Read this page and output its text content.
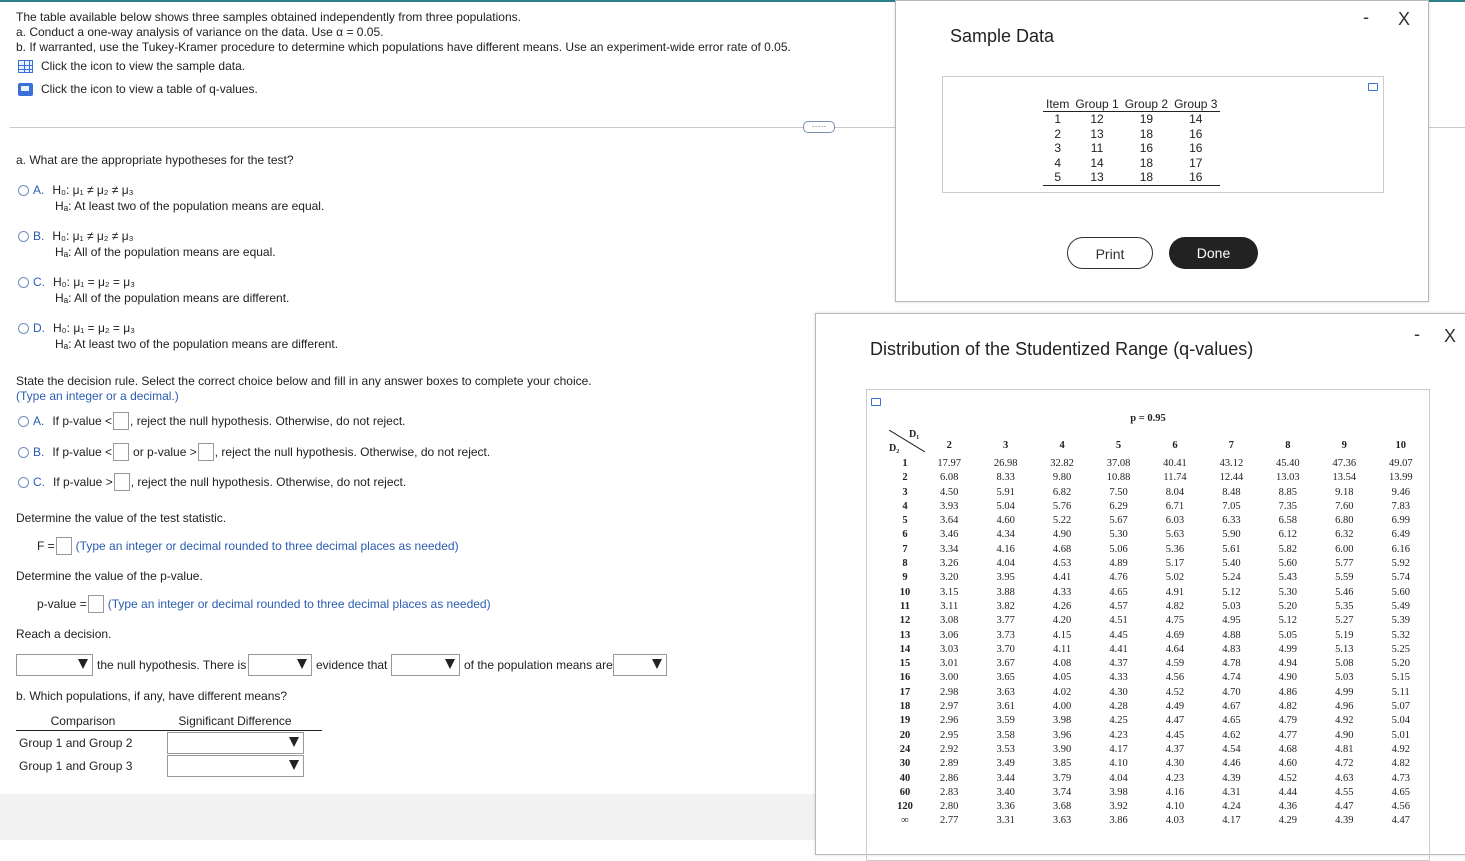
The table available below shows three samples obtained independently from three populations.

a. Conduct a one-way analysis of variance on the data. Use α = 0.05.

b. If warranted, use the Tukey-Kramer procedure to determine which populations have different means. Use an experiment-wide error rate of 0.05.

Click the icon to view the sample data.
Click the icon to view a table of q-values.
·····
a. What are the appropriate hypotheses for the test?
A. H₀: μ₁ ≠ μ₂ ≠ μ₃
Hₐ: At least two of the population means are equal.
B. H₀: μ₁ ≠ μ₂ ≠ μ₃
Hₐ: All of the population means are equal.
C. H₀: μ₁ = μ₂ = μ₃
Hₐ: All of the population means are different.
D. H₀: μ₁ = μ₂ = μ₃
Hₐ: At least two of the population means are different.
State the decision rule. Select the correct choice below and fill in any answer boxes to complete your choice.
(Type an integer or a decimal.)
A. If p-value < , reject the null hypothesis. Otherwise, do not reject.
B. If p-value < or p-value > , reject the null hypothesis. Otherwise, do not reject.
C. If p-value > , reject the null hypothesis. Otherwise, do not reject.
Determine the value of the test statistic.
F = (Type an integer or decimal rounded to three decimal places as needed)
Determine the value of the p-value.
p-value = (Type an integer or decimal rounded to three decimal places as needed)
Reach a decision.
the null hypothesis. There is	evidence that	of the population means are
b. Which populations, if any, have different means?
Comparison	Significant Difference
Group 1 and Group 2
Group 1 and Group 3
Sample Data
- X
Item	Group 1	Group 2	Group 3
1	12	19	14
2	13	18	16
3	11	16	16
4	14	18	17
5	13	18	16
Print	Done
Distribution of the Studentized Range (q-values)
- X
p = 0.95
D₁
D₂
		2	3	4	5	6	7	8	9	10
1	17.97	26.98	32.82	37.08	40.41	43.12	45.40	47.36	49.07
2	6.08	8.33	9.80	10.88	11.74	12.44	13.03	13.54	13.99
3	4.50	5.91	6.82	7.50	8.04	8.48	8.85	9.18	9.46
4	3.93	5.04	5.76	6.29	6.71	7.05	7.35	7.60	7.83
5	3.64	4.60	5.22	5.67	6.03	6.33	6.58	6.80	6.99
6	3.46	4.34	4.90	5.30	5.63	5.90	6.12	6.32	6.49
7	3.34	4.16	4.68	5.06	5.36	5.61	5.82	6.00	6.16
8	3.26	4.04	4.53	4.89	5.17	5.40	5.60	5.77	5.92
9	3.20	3.95	4.41	4.76	5.02	5.24	5.43	5.59	5.74
10	3.15	3.88	4.33	4.65	4.91	5.12	5.30	5.46	5.60
11	3.11	3.82	4.26	4.57	4.82	5.03	5.20	5.35	5.49
12	3.08	3.77	4.20	4.51	4.75	4.95	5.12	5.27	5.39
13	3.06	3.73	4.15	4.45	4.69	4.88	5.05	5.19	5.32
14	3.03	3.70	4.11	4.41	4.64	4.83	4.99	5.13	5.25
15	3.01	3.67	4.08	4.37	4.59	4.78	4.94	5.08	5.20
16	3.00	3.65	4.05	4.33	4.56	4.74	4.90	5.03	5.15
17	2.98	3.63	4.02	4.30	4.52	4.70	4.86	4.99	5.11
18	2.97	3.61	4.00	4.28	4.49	4.67	4.82	4.96	5.07
19	2.96	3.59	3.98	4.25	4.47	4.65	4.79	4.92	5.04
20	2.95	3.58	3.96	4.23	4.45	4.62	4.77	4.90	5.01
24	2.92	3.53	3.90	4.17	4.37	4.54	4.68	4.81	4.92
30	2.89	3.49	3.85	4.10	4.30	4.46	4.60	4.72	4.82
40	2.86	3.44	3.79	4.04	4.23	4.39	4.52	4.63	4.73
60	2.83	3.40	3.74	3.98	4.16	4.31	4.44	4.55	4.65
120	2.80	3.36	3.68	3.92	4.10	4.24	4.36	4.47	4.56
∞	2.77	3.31	3.63	3.86	4.03	4.17	4.29	4.39	4.47
